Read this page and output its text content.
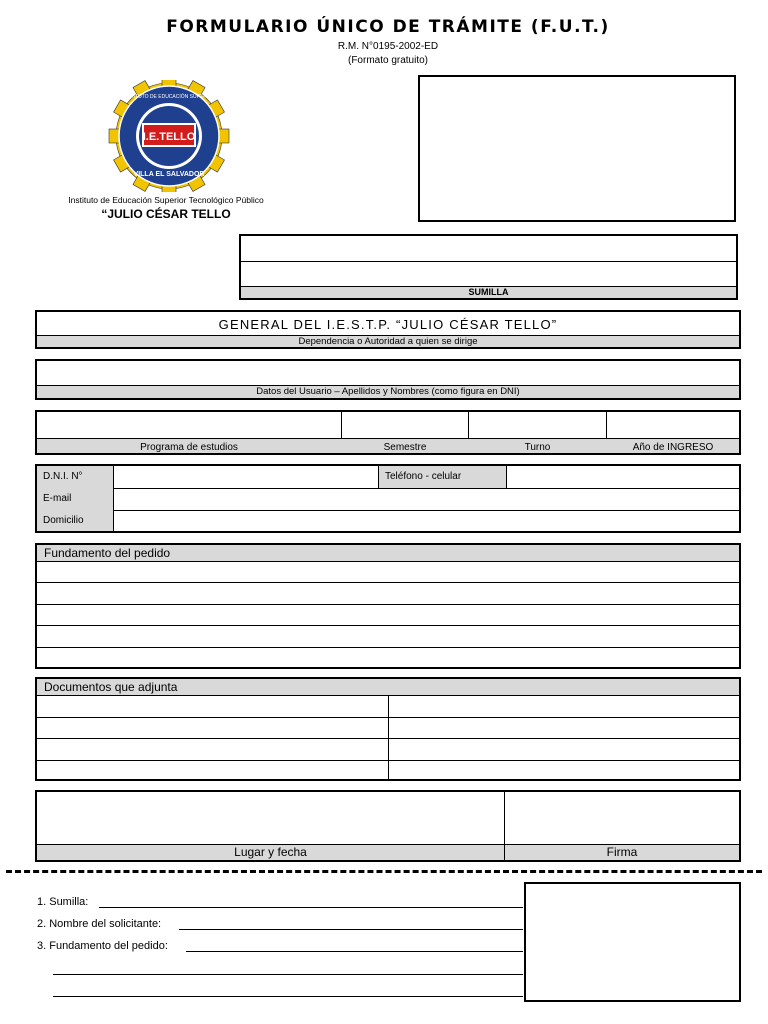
FORMULARIO ÚNICO DE TRÁMITE (F.U.T.)
R.M. N°0195-2002-ED
(Formato gratuito)
I.E.TELLO
VILLA EL SALVADOR
INSTITUTO DE EDUCACIÓN SUPERIOR
Instituto de Educación Superior Tecnológico Público
“JULIO CÉSAR TELLO
SUMILLA
GENERAL DEL I.E.S.T.P. “JULIO CÉSAR TELLO”
Dependencia o Autoridad a quien se dirige
Datos del Usuario – Apellidos y Nombres (como figura en DNI)
Programa de estudios	Semestre	Turno	Año de INGRESO
D.N.I. N°	Teléfono - celular
E-mail
Domicilio
Fundamento del pedido
Documentos que adjunta
Lugar y fecha	Firma
1. Sumilla:
2. Nombre del solicitante:
3. Fundamento del pedido:
